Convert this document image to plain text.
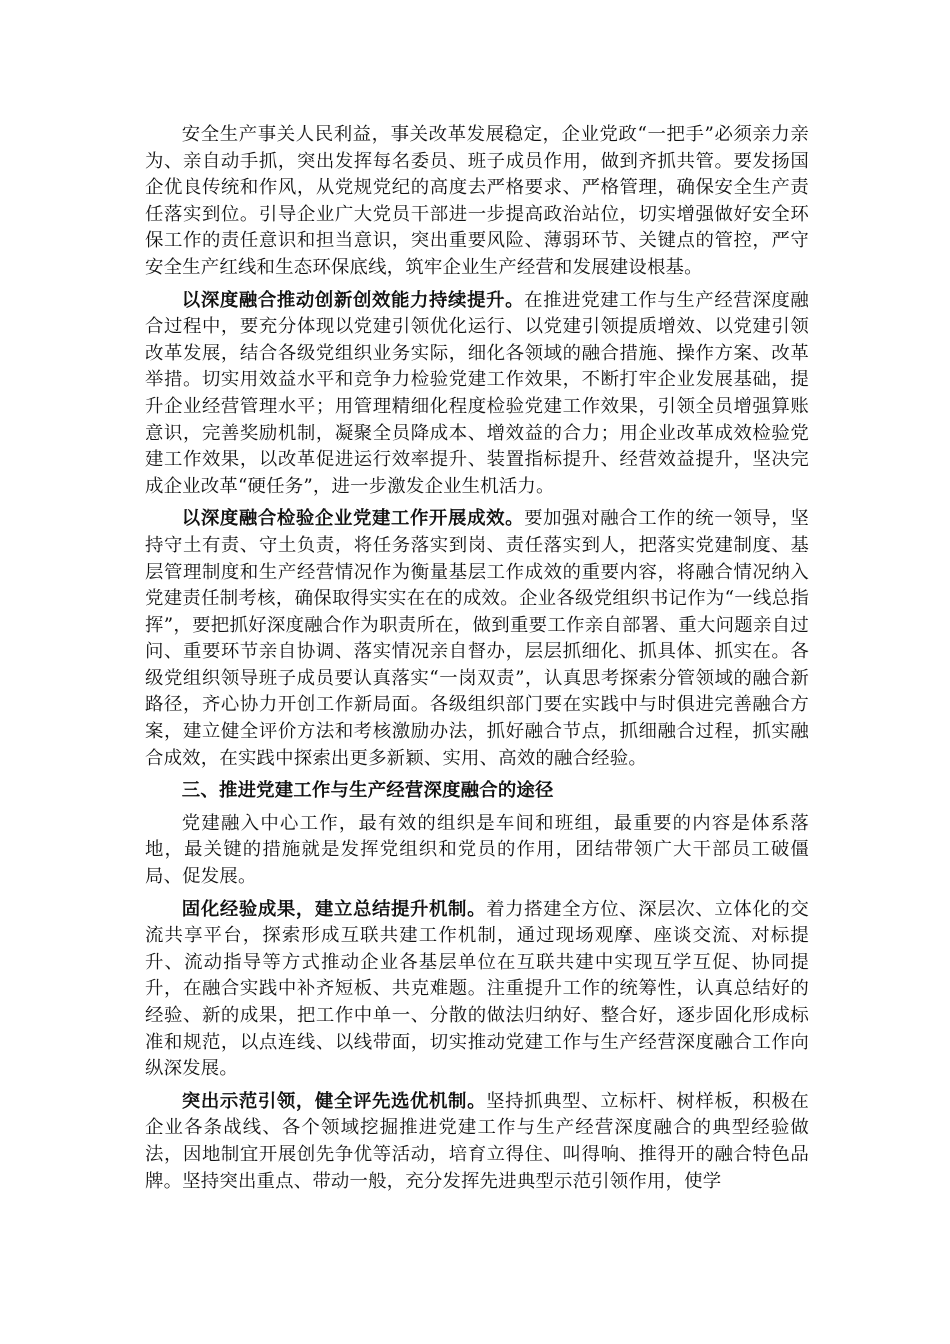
安全生产事关人民利益，事关改革发展稳定，企业党政“一把手”必须亲力亲为、亲自动手抓，突出发挥每名委员、班子成员作用，做到齐抓共管。要发扬国企优良传统和作风，从党规党纪的高度去严格要求、严格管理，确保安全生产责任落实到位。引导企业广大党员干部进一步提高政治站位，切实增强做好安全环保工作的责任意识和担当意识，突出重要风险、薄弱环节、关键点的管控，严守安全生产红线和生态环保底线，筑牢企业生产经营和发展建设根基。

以深度融合推动创新创效能力持续提升。在推进党建工作与生产经营深度融合过程中，要充分体现以党建引领优化运行、以党建引领提质增效、以党建引领改革发展，结合各级党组织业务实际，细化各领域的融合措施、操作方案、改革举措。切实用效益水平和竞争力检验党建工作效果，不断打牢企业发展基础，提升企业经营管理水平；用管理精细化程度检验党建工作效果，引领全员增强算账意识，完善奖励机制，凝聚全员降成本、增效益的合力；用企业改革成效检验党建工作效果，以改革促进运行效率提升、装置指标提升、经营效益提升，坚决完成企业改革“硬任务”，进一步激发企业生机活力。

以深度融合检验企业党建工作开展成效。要加强对融合工作的统一领导，坚持守土有责、守土负责，将任务落实到岗、责任落实到人，把落实党建制度、基层管理制度和生产经营情况作为衡量基层工作成效的重要内容，将融合情况纳入党建责任制考核，确保取得实实在在的成效。企业各级党组织书记作为“一线总指挥”，要把抓好深度融合作为职责所在，做到重要工作亲自部署、重大问题亲自过问、重要环节亲自协调、落实情况亲自督办，层层抓细化、抓具体、抓实在。各级党组织领导班子成员要认真落实“一岗双责”，认真思考探索分管领域的融合新路径，齐心协力开创工作新局面。各级组织部门要在实践中与时俱进完善融合方案，建立健全评价方法和考核激励办法，抓好融合节点，抓细融合过程，抓实融合成效，在实践中探索出更多新颖、实用、高效的融合经验。

三、推进党建工作与生产经营深度融合的途径

党建融入中心工作，最有效的组织是车间和班组，最重要的内容是体系落地，最关键的措施就是发挥党组织和党员的作用，团结带领广大干部员工破僵局、促发展。

固化经验成果，建立总结提升机制。着力搭建全方位、深层次、立体化的交流共享平台，探索形成互联共建工作机制，通过现场观摩、座谈交流、对标提升、流动指导等方式推动企业各基层单位在互联共建中实现互学互促、协同提升，在融合实践中补齐短板、共克难题。注重提升工作的统筹性，认真总结好的经验、新的成果，把工作中单一、分散的做法归纳好、整合好，逐步固化形成标准和规范，以点连线、以线带面，切实推动党建工作与生产经营深度融合工作向纵深发展。

突出示范引领，健全评先选优机制。坚持抓典型、立标杆、树样板，积极在企业各条战线、各个领域挖掘推进党建工作与生产经营深度融合的典型经验做法，因地制宜开展创先争优等活动，培育立得住、叫得响、推得开的融合特色品牌。坚持突出重点、带动一般，充分发挥先进典型示范引领作用，使学
